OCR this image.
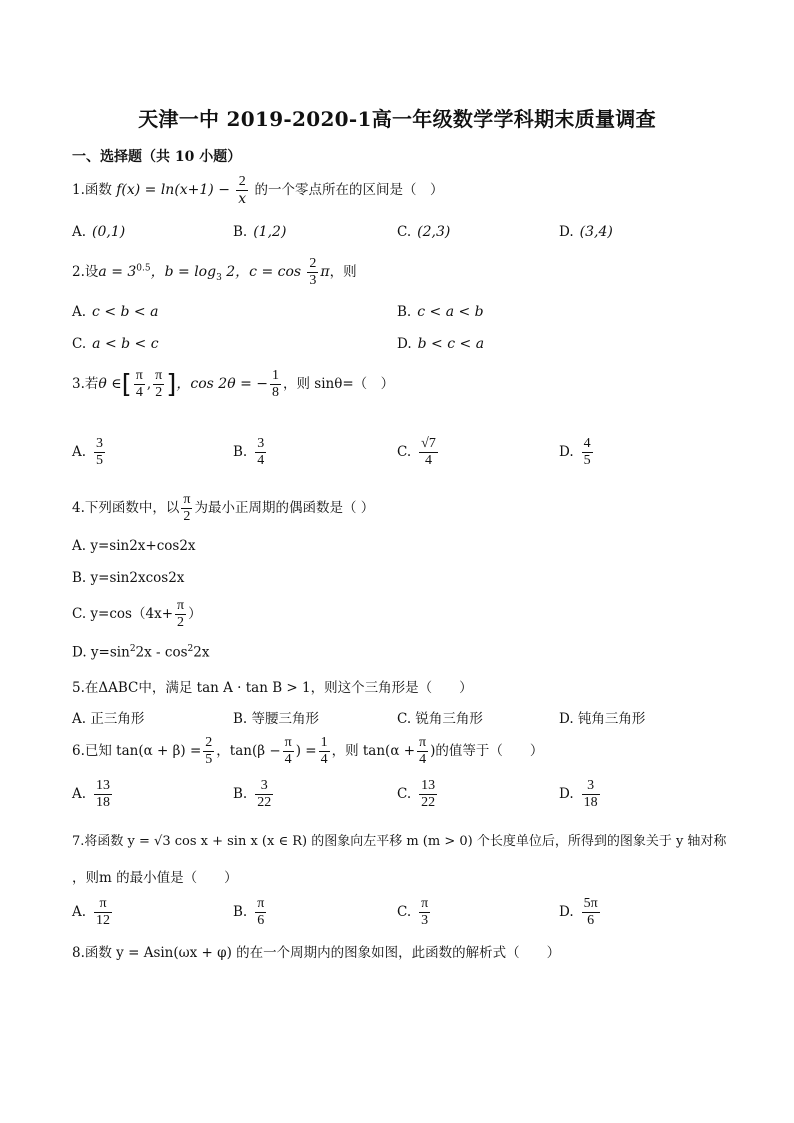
天津一中 2019-2020-1高一年级数学学科期末质量调查
一、选择题（共 10 小题）
1.函数 $f(x) = \ln(x+1) - \frac{2}{x}$ 的一个零点所在的区间是（　）
A. (0,1)	B. (1,2)	C. (2,3)	D. (3,4)
2.设$a = 3^{0.5}$，$b = \log_3 2$，$c = \cos \frac{2}{3}$ π，则
A. c < b < a	B. c < a < b
C. a < b < c	D. b < c < a
3.若θ ∈[ $\frac{\pi}{4}$ , $\frac{\pi}{2}$ ]，cos 2θ = − $\frac{1}{8}$ ，则 sinθ=（　）
A. $\frac{3}{5}$	B. $\frac{3}{4}$	C. $\frac{√7}{4}$	D. $\frac{4}{5}$
4.下列函数中，以 $\frac{\pi}{2}$ 为最小正周期的偶函数是（ ）
A. y=sin2x+cos2x
B. y=sin2xcos2x
C. $y=\cos(4x+ \frac{\pi}{2}$ ）
D. $y=\sin^22x - \cos^22x$
5.在ΔABC中，满足 tan A · tan B > 1，则这个三角形是（　　）
A. 正三角形	B. 等腰三角形	C. 锐角三角形	D. 钝角三角形
6.已知 $\tan(\alpha + \beta) = \frac{2}{5}$ ，$\tan(\beta - \frac{\pi}{4}$ ) = $\frac{1}{4}$ ，则 $\tan(\alpha + \frac{\pi}{4}$ )的值等于（　　）
A. $\frac{13}{18}$	B. $\frac{3}{22}$	C. $\frac{13}{22}$	D. $\frac{3}{18}$
7.将函数 y = √3 cos x + sin x (x ∈ R) 的图象向左平移 m (m > 0) 个长度单位后，所得到的图象关于 y 轴对称
，则m 的最小值是（　　）
A. $\frac{\pi}{12}$	B. $\frac{\pi}{6}$	C. $\frac{\pi}{3}$	D. $\frac{5\pi}{6}$
8.函数 y = Asin(ωx + φ) 的在一个周期内的图象如图，此函数的解析式（　　）
